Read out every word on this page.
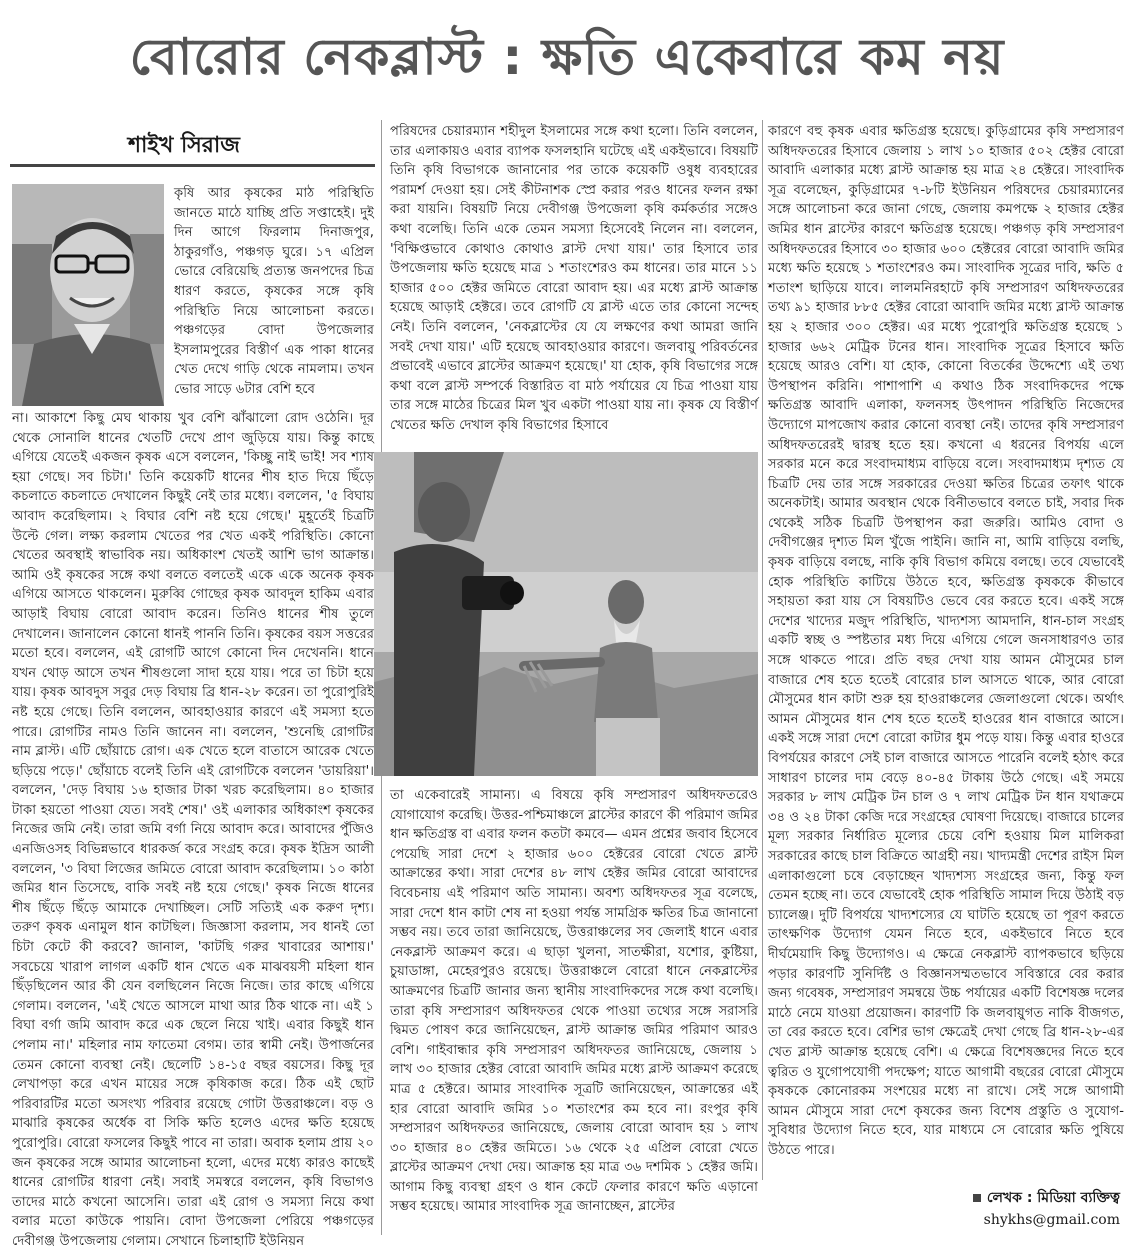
বোরোর নেকব্লাস্ট : ক্ষতি একেবারে কম নয়
শাইখ সিরাজ

কৃষি আর কৃষকের মাঠ পরিস্থিতি জানতে মাঠে যাচ্ছি প্রতি সপ্তাহেই। দুই দিন আগে ফিরলাম দিনাজপুর, ঠাকুরগাঁও, পঞ্চগড় ঘুরে। ১৭ এপ্রিল ভোরে বেরিয়েছি প্রত্যন্ত জনপদের চিত্র ধারণ করতে, কৃষকের সঙ্গে কৃষি পরিস্থিতি নিয়ে আলোচনা করতে। পঞ্চগড়ের বোদা উপজেলার ইসলামপুরের বিস্তীর্ণ এক পাকা ধানের খেত দেখে গাড়ি থেকে নামলাম। তখন ভোর সাড়ে ৬টার বেশি হবে

না। আকাশে কিছু মেঘ থাকায় খুব বেশি ঝাঁঝালো রোদ ওঠেনি। দূর থেকে সোনালি ধানের খেতটি দেখে প্রাণ জুড়িয়ে যায়। কিন্তু কাছে এগিয়ে যেতেই একজন কৃষক এসে বললেন, 'কিচ্ছু নাই ভাই! সব শ্যাষ হয়া গেছে। সব চিটা।' তিনি কয়েকটি ধানের শীষ হাত দিয়ে ছিঁড়ে কচলাতে কচলাতে দেখালেন কিছুই নেই তার মধ্যে। বললেন, '৫ বিঘায় আবাদ করেছিলাম। ২ বিঘার বেশি নষ্ট হয়ে গেছে।' মুহূর্তেই চিত্রটি উল্টে গেল। লক্ষ্য করলাম খেতের পর খেত একই পরিস্থিতি। কোনো খেতের অবস্থাই স্বাভাবিক নয়। অধিকাংশ খেতই আশি ভাগ আক্রান্ত। আমি ওই কৃষকের সঙ্গে কথা বলতে বলতেই একে একে অনেক কৃষক এগিয়ে আসতে থাকলেন। মুরুব্বি গোছের কৃষক আবদুল হাকিম এবার আড়াই বিঘায় বোরো আবাদ করেন। তিনিও ধানের শীষ তুলে দেখালেন। জানালেন কোনো ধানই পাননি তিনি। কৃষকের বয়স সত্তরের মতো হবে। বললেন, এই রোগটি আগে কোনো দিন দেখেননি। ধানে যখন থোড় আসে তখন শীষগুলো সাদা হয়ে যায়। পরে তা চিটা হয়ে যায়। কৃষক আবদুস সবুর দেড় বিঘায় ব্রি ধান-২৮ করেন। তা পুরোপুরিই নষ্ট হয়ে গেছে। তিনি বললেন, আবহাওয়ার কারণে এই সমস্যা হতে পারে। রোগটির নামও তিনি জানেন না। বললেন, 'শুনেছি রোগটির নাম ব্লাস্ট। এটি ছোঁয়াচে রোগ। এক খেতে হলে বাতাসে আরেক খেতে ছড়িয়ে পড়ে।' ছোঁয়াচে বলেই তিনি এই রোগটিকে বললেন 'ডায়রিয়া'। বললেন, 'দেড় বিঘায় ১৬ হাজার টাকা খরচ করেছিলাম। ৪০ হাজার টাকা হয়তো পাওয়া যেত। সবই শেষ।' ওই এলাকার অধিকাংশ কৃষকের নিজের জমি নেই। তারা জমি বর্গা নিয়ে আবাদ করে। আবাদের পুঁজিও এনজিওসহ বিভিন্নভাবে ধারকর্জ করে সংগ্রহ করে। কৃষক ইদ্রিস আলী বললেন, '৩ বিঘা লিজের জমিতে বোরো আবাদ করেছিলাম। ১০ কাঠা জমির ধান তিসেছে, বাকি সবই নষ্ট হয়ে গেছে।' কৃষক নিজে ধানের শীষ ছিঁড়ে ছিঁড়ে আমাকে দেখাচ্ছিল। সেটি সত্যিই এক করুণ দৃশ্য। তরুণ কৃষক এনামুল ধান কাটছিল। জিজ্ঞাসা করলাম, সব ধানই তো চিটা কেটে কী করবে? জানাল, 'কাটছি গরুর খাবারের আশায়।' সবচেয়ে খারাপ লাগল একটি ধান খেতে এক মাঝবয়সী মহিলা ধান ছিঁড়ছিলেন আর কী যেন বলছিলেন নিজে নিজে। তার কাছে এগিয়ে গেলাম। বললেন, 'এই খেতে আসলে মাথা আর ঠিক থাকে না। এই ১ বিঘা বর্গা জমি আবাদ করে এক ছেলে নিয়ে খাই। এবার কিছুই ধান পেলাম না।' মহিলার নাম ফাতেমা বেগম। তার স্বামী নেই। উপার্জনের তেমন কোনো ব্যবস্থা নেই। ছেলেটি ১৪-১৫ বছর বয়সের। কিছু দূর লেখাপড়া করে এখন মায়ের সঙ্গে কৃষিকাজ করে। ঠিক এই ছোট পরিবারটির মতো অসংখ্য পরিবার রয়েছে গোটা উত্তরাঞ্চলে। বড় ও মাঝারি কৃষকের অর্ধেক বা সিকি ক্ষতি হলেও এদের ক্ষতি হয়েছে পুরোপুরি। বোরো ফসলের কিছুই পাবে না তারা। অবাক হলাম প্রায় ২০ জন কৃষকের সঙ্গে আমার আলোচনা হলো, এদের মধ্যে কারও কাছেই ধানের রোগটির ধারণা নেই। সবাই সমস্বরে বললেন, কৃষি বিভাগও তাদের মাঠে কখনো আসেনি। তারা এই রোগ ও সমস্যা নিয়ে কথা বলার মতো কাউকে পায়নি। বোদা উপজেলা পেরিয়ে পঞ্চগড়ের দেবীগঞ্জ উপজেলায় গেলাম। সেখানে চিলাহাটি ইউনিয়ন

পরিষদের চেয়ারম্যান শহীদুল ইসলামের সঙ্গে কথা হলো। তিনি বললেন, তার এলাকায়ও এবার ব্যাপক ফসলহানি ঘটেছে এই একইভাবে। বিষয়টি তিনি কৃষি বিভাগকে জানানোর পর তাকে কয়েকটি ওষুধ ব্যবহারের পরামর্শ দেওয়া হয়। সেই কীটনাশক স্প্রে করার পরও ধানের ফলন রক্ষা করা যায়নি। বিষয়টি নিয়ে দেবীগঞ্জ উপজেলা কৃষি কর্মকর্তার সঙ্গেও কথা বলেছি। তিনি একে তেমন সমস্যা হিসেবেই নিলেন না। বললেন, 'বিক্ষিপ্তভাবে কোথাও কোথাও ব্লাস্ট দেখা যায়।' তার হিসাবে তার উপজেলায় ক্ষতি হয়েছে মাত্র ১ শতাংশেরও কম ধানের। তার মানে ১১ হাজার ৫০০ হেক্টর জমিতে বোরো আবাদ হয়। এর মধ্যে ব্লাস্ট আক্রান্ত হয়েছে আড়াই হেক্টরে। তবে রোগটি যে ব্লাস্ট এতে তার কোনো সন্দেহ নেই। তিনি বললেন, 'নেকব্লাস্টের যে যে লক্ষণের কথা আমরা জানি সবই দেখা যায়।' এটি হয়েছে আবহাওয়ার কারণে। জলবায়ু পরিবর্তনের প্রভাবেই এভাবে ব্লাস্টের আক্রমণ হয়েছে।' যা হোক, কৃষি বিভাগের সঙ্গে কথা বলে ব্লাস্ট সম্পর্কে বিস্তারিত বা মাঠ পর্যায়ের যে চিত্র পাওয়া যায় তার সঙ্গে মাঠের চিত্রের মিল খুব একটা পাওয়া যায় না। কৃষক যে বিস্তীর্ণ খেতের ক্ষতি দেখাল কৃষি বিভাগের হিসাবে

তা একেবারেই সামান্য। এ বিষয়ে কৃষি সম্প্রসারণ অধিদফতরেও যোগাযোগ করেছি। উত্তর-পশ্চিমাঞ্চলে ব্লাস্টের কারণে কী পরিমাণ জমির ধান ক্ষতিগ্রস্ত বা এবার ফলন কতটা কমবে— এমন প্রশ্নের জবাব হিসেবে পেয়েছি সারা দেশে ২ হাজার ৬০০ হেক্টরের বোরো খেতে ব্লাস্ট আক্রান্তের কথা। সারা দেশের ৪৮ লাখ হেক্টর জমির বোরো আবাদের বিবেচনায় এই পরিমাণ অতি সামান্য। অবশ্য অধিদফতর সূত্র বলেছে, সারা দেশে ধান কাটা শেষ না হওয়া পর্যন্ত সামগ্রিক ক্ষতির চিত্র জানানো সম্ভব নয়। তবে তারা জানিয়েছে, উত্তরাঞ্চলের সব জেলাই ধানে এবার নেকব্লাস্ট আক্রমণ করে। এ ছাড়া খুলনা, সাতক্ষীরা, যশোর, কুষ্টিয়া, চুয়াডাঙ্গা, মেহেরপুরও রয়েছে। উত্তরাঞ্চলে বোরো ধানে নেকব্লাস্টের আক্রমণের চিত্রটি জানার জন্য স্থানীয় সাংবাদিকদের সঙ্গে কথা বলেছি। তারা কৃষি সম্প্রসারণ অধিদফতর থেকে পাওয়া তথ্যের সঙ্গে সরাসরি দ্বিমত পোষণ করে জানিয়েছেন, ব্লাস্ট আক্রান্ত জমির পরিমাণ আরও বেশি। গাইবান্ধার কৃষি সম্প্রসারণ অধিদফতর জানিয়েছে, জেলায় ১ লাখ ৩০ হাজার হেক্টর বোরো আবাদি জমির মধ্যে ব্লাস্ট আক্রমণ করেছে মাত্র ৫ হেক্টরে। আমার সাংবাদিক সূত্রটি জানিয়েছেন, আক্রান্তের এই হার বোরো আবাদি জমির ১০ শতাংশের কম হবে না। রংপুর কৃষি সম্প্রসারণ অধিদফতর জানিয়েছে, জেলায় বোরো আবাদ হয় ১ লাখ ৩০ হাজার ৪০ হেক্টর জমিতে। ১৬ থেকে ২৫ এপ্রিল বোরো খেতে ব্লাস্টের আক্রমণ দেখা দেয়। আক্রান্ত হয় মাত্র ৩৬ দশমিক ১ হেক্টর জমি। আগাম কিছু ব্যবস্থা গ্রহণ ও ধান কেটে ফেলার কারণে ক্ষতি এড়ানো সম্ভব হয়েছে। আমার সাংবাদিক সূত্র জানাচ্ছেন, ব্লাস্টের

কারণে বহু কৃষক এবার ক্ষতিগ্রস্ত হয়েছে। কুড়িগ্রামের কৃষি সম্প্রসারণ অধিদফতরের হিসাবে জেলায় ১ লাখ ১০ হাজার ৫০২ হেক্টর বোরো আবাদি এলাকার মধ্যে ব্লাস্ট আক্রান্ত হয় মাত্র ২৪ হেক্টরে। সাংবাদিক সূত্র বলেছেন, কুড়িগ্রামের ৭-৮টি ইউনিয়ন পরিষদের চেয়ারম্যানের সঙ্গে আলোচনা করে জানা গেছে, জেলায় কমপক্ষে ২ হাজার হেক্টর জমির ধান ব্লাস্টের কারণে ক্ষতিগ্রস্ত হয়েছে। পঞ্চগড় কৃষি সম্প্রসারণ অধিদফতরের হিসাবে ৩০ হাজার ৬০০ হেক্টরের বোরো আবাদি জমির মধ্যে ক্ষতি হয়েছে ১ শতাংশেরও কম। সাংবাদিক সূত্রের দাবি, ক্ষতি ৫ শতাংশ ছাড়িয়ে যাবে। লালমনিরহাটে কৃষি সম্প্রসারণ অধিদফতরের তথ্য ৯১ হাজার ৮৮৫ হেক্টর বোরো আবাদি জমির মধ্যে ব্লাস্ট আক্রান্ত হয় ২ হাজার ৩০০ হেক্টর। এর মধ্যে পুরোপুরি ক্ষতিগ্রস্ত হয়েছে ১ হাজার ৬৬২ মেট্রিক টনের ধান। সাংবাদিক সূত্রের হিসাবে ক্ষতি হয়েছে আরও বেশি। যা হোক, কোনো বিতর্কের উদ্দেশ্যে এই তথ্য উপস্থাপন করিনি। পাশাপাশি এ কথাও ঠিক সংবাদিকদের পক্ষে ক্ষতিগ্রস্ত আবাদি এলাকা, ফলনসহ উৎপাদন পরিস্থিতি নিজেদের উদ্যোগে মাপজোখ করার কোনো ব্যবস্থা নেই। তাদের কৃষি সম্প্রসারণ অধিদফতরেরই দ্বারস্থ হতে হয়। কখনো এ ধরনের বিপর্যয় এলে সরকার মনে করে সংবাদমাধ্যম বাড়িয়ে বলে। সংবাদমাধ্যম দৃশ্যত যে চিত্রটি দেয় তার সঙ্গে সরকারের দেওয়া ক্ষতির চিত্রের তফাৎ থাকে অনেকটাই। আমার অবস্থান থেকে বিনীতভাবে বলতে চাই, সবার দিক থেকেই সঠিক চিত্রটি উপস্থাপন করা জরুরি। আমিও বোদা ও দেবীগঞ্জের দৃশ্যত মিল খুঁজে পাইনি। জানি না, আমি বাড়িয়ে বলছি, কৃষক বাড়িয়ে বলছে, নাকি কৃষি বিভাগ কমিয়ে বলছে। তবে যেভাবেই হোক পরিস্থিতি কাটিয়ে উঠতে হবে, ক্ষতিগ্রস্ত কৃষককে কীভাবে সহায়তা করা যায় সে বিষয়টিও ভেবে বের করতে হবে। একই সঙ্গে দেশের খাদ্যের মজুদ পরিস্থিতি, খাদ্যশস্য আমদানি, ধান-চাল সংগ্রহ একটি স্বচ্ছ ও স্পষ্টতার মধ্য দিয়ে এগিয়ে গেলে জনসাধারণও তার সঙ্গে থাকতে পারে। প্রতি বছর দেখা যায় আমন মৌসুমের চাল বাজারে শেষ হতে হতেই বোরোর চাল আসতে থাকে, আর বোরো মৌসুমের ধান কাটা শুরু হয় হাওরাঞ্চলের জেলাগুলো থেকে। অর্থাৎ আমন মৌসুমের ধান শেষ হতে হতেই হাওরের ধান বাজারে আসে। একই সঙ্গে সারা দেশে বোরো কাটার ধুম পড়ে যায়। কিন্তু এবার হাওরে বিপর্যয়ের কারণে সেই চাল বাজারে আসতে পারেনি বলেই হঠাৎ করে সাধারণ চালের দাম বেড়ে ৪০-৪৫ টাকায় উঠে গেছে। এই সময়ে সরকার ৮ লাখ মেট্রিক টন চাল ও ৭ লাখ মেট্রিক টন ধান যথাক্রমে ৩৪ ও ২৪ টাকা কেজি দরে সংগ্রহের ঘোষণা দিয়েছে। বাজারে চালের মূল্য সরকার নির্ধারিত মূল্যের চেয়ে বেশি হওয়ায় মিল মালিকরা সরকারের কাছে চাল বিক্রিতে আগ্রহী নয়। খাদ্যমন্ত্রী দেশের রাইস মিল এলাকাগুলো চষে বেড়াচ্ছেন খাদ্যশস্য সংগ্রহের জন্য, কিন্তু ফল তেমন হচ্ছে না। তবে যেভাবেই হোক পরিস্থিতি সামাল দিয়ে উঠাই বড় চ্যালেঞ্জ। দুটি বিপর্যয়ে খাদ্যশস্যের যে ঘাটতি হয়েছে তা পূরণ করতে তাৎক্ষণিক উদ্যোগ যেমন নিতে হবে, একইভাবে নিতে হবে দীর্ঘমেয়াদি কিছু উদ্যোগও। এ ক্ষেত্রে নেকব্লাস্ট ব্যাপকভাবে ছড়িয়ে পড়ার কারণটি সুনির্দিষ্ট ও বিজ্ঞানসম্মতভাবে সবিস্তারে বের করার জন্য গবেষক, সম্প্রসারণ সমন্বয়ে উচ্চ পর্যায়ের একটি বিশেষজ্ঞ দলের মাঠে নেমে যাওয়া প্রয়োজন। কারণটি কি জলবায়ুগত নাকি বীজগত, তা বের করতে হবে। বেশির ভাগ ক্ষেত্রেই দেখা গেছে ব্রি ধান-২৮-এর খেত ব্লাস্ট আক্রান্ত হয়েছে বেশি। এ ক্ষেত্রে বিশেষজ্ঞদের নিতে হবে ত্বরিত ও যুগোপযোগী পদক্ষেপ; যাতে আগামী বছরের বোরো মৌসুমে কৃষককে কোনোরকম সংশয়ের মধ্যে না রাখে। সেই সঙ্গে আগামী আমন মৌসুমে সারা দেশে কৃষকের জন্য বিশেষ প্রস্তুতি ও সুযোগ-সুবিধার উদ্যোগ নিতে হবে, যার মাধ্যমে সে বোরোর ক্ষতি পুষিয়ে উঠতে পারে।

লেখক : মিডিয়া ব্যক্তিত্ব
shykhs@gmail.com
